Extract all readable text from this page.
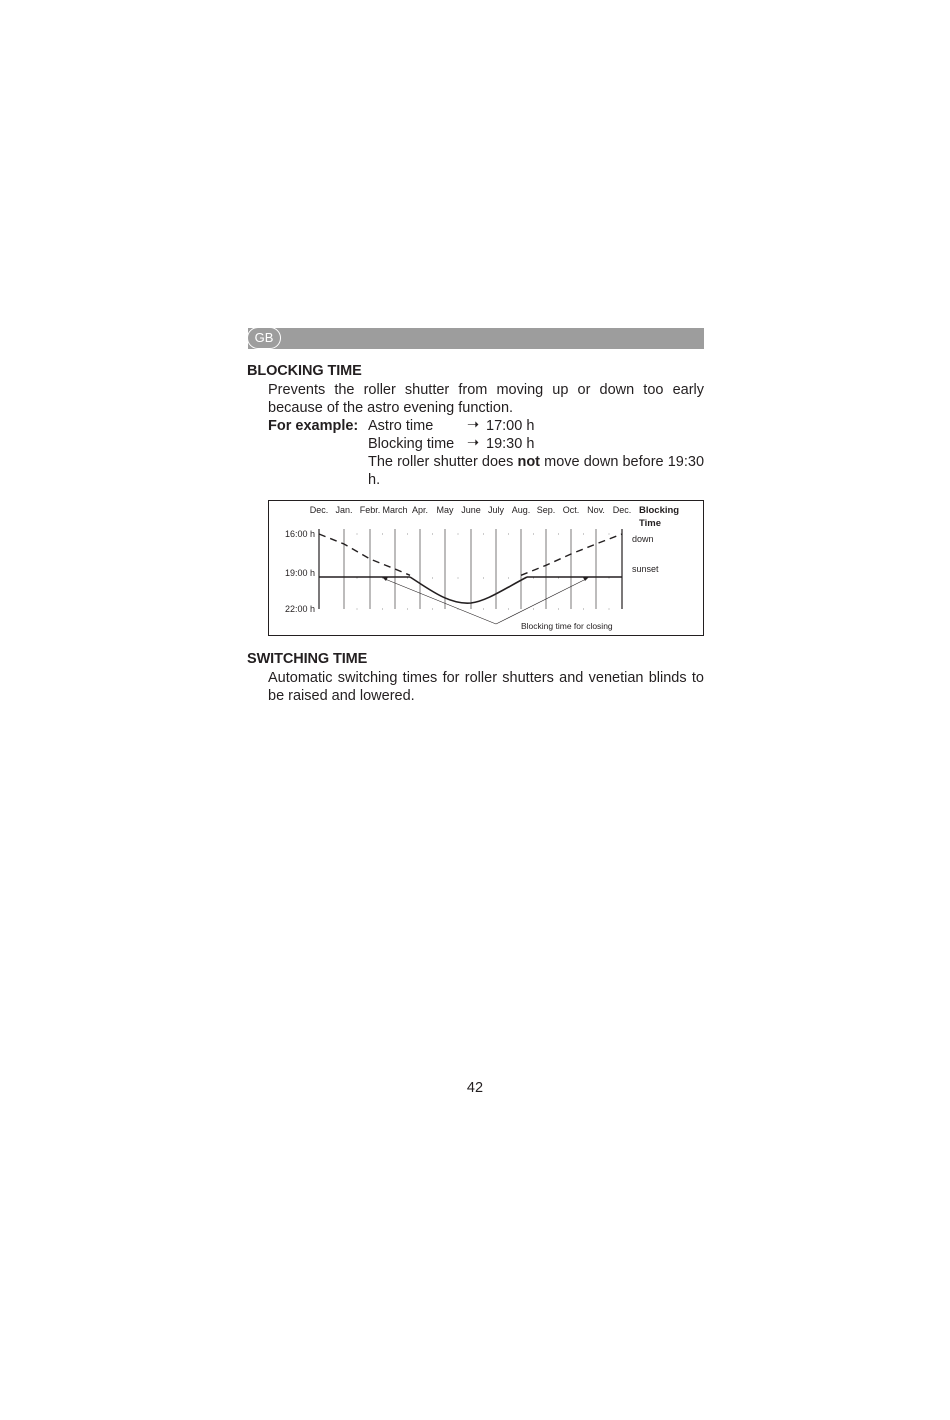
GB
BLOCKING TIME
Prevents the roller shutter from moving up or down too early because of the astro evening function.
For example: Astro time ➝ 17:00 h
Blocking time ➝ 19:30 h
The roller shutter does not move down before 19:30 h.
Dec. Jan. Febr. March Apr. May June July Aug. Sep. Oct. Nov. Dec.
16:00 h
19:00 h
22:00 h
Blocking
Time
down
sunset
Blocking time for closing
SWITCHING TIME
Automatic switching times for roller shutters and venetian blinds to be raised and lowered.
42
